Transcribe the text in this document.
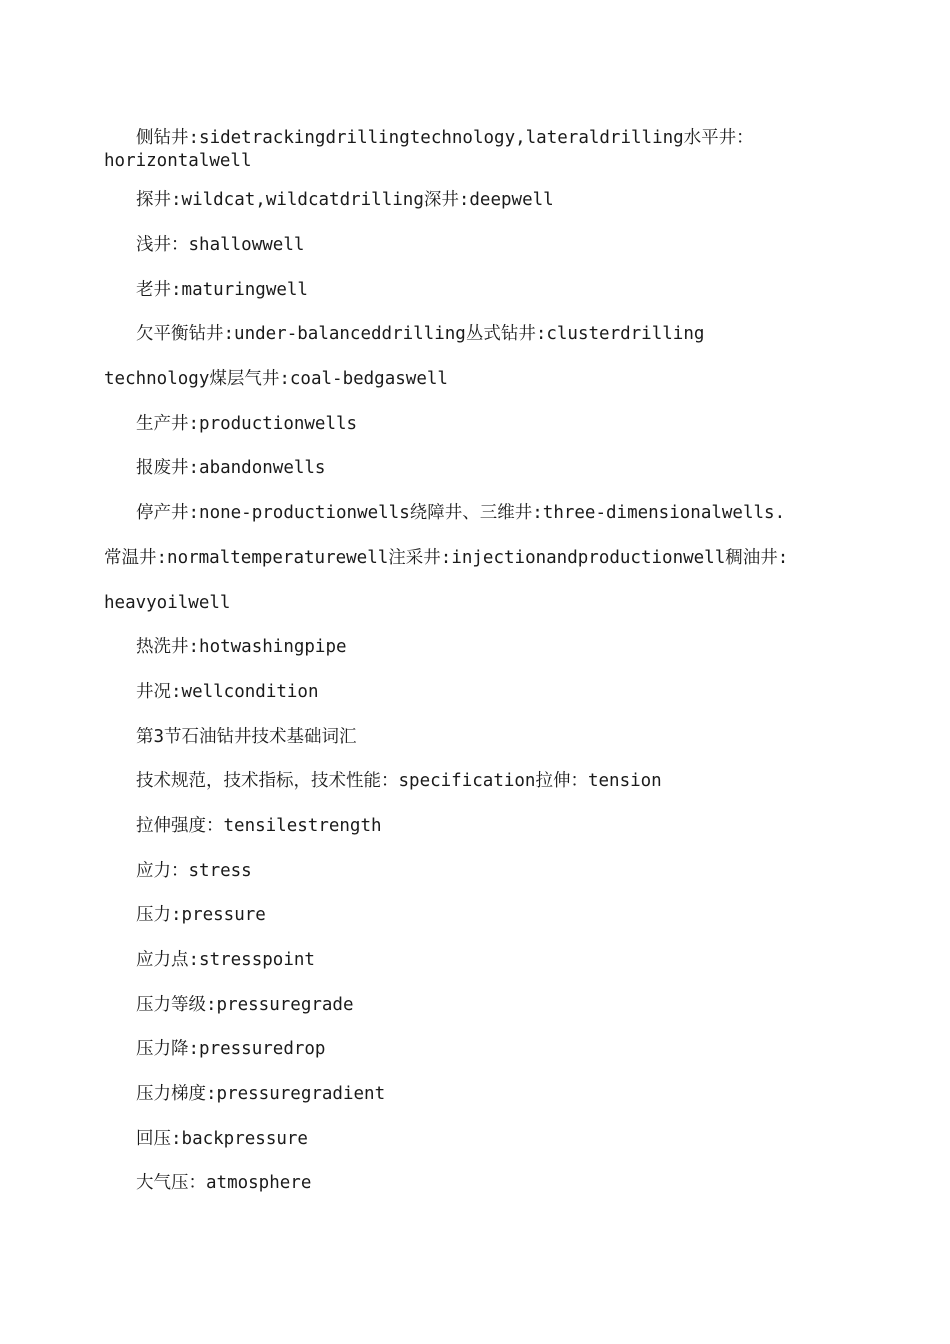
侧钻井:sidetrackingdrillingtechnology,lateraldrilling水平井：
horizontalwell
探井:wildcat,wildcatdrilling深井:deepwell
浅井：shallowwell
老井:maturingwell
欠平衡钻井:under-balanceddrilling丛式钻井:clusterdrilling
technology煤层气井:coal-bedgaswell
生产井:productionwells
报废井:abandonwells
停产井:none-productionwells绕障井、三维井:three-dimensionalwells.
常温井:normaltemperaturewell注采井:injectionandproductionwell稠油井:
heavyoilwell
热洗井:hotwashingpipe
井况:wellcondition
第3节石油钻井技术基础词汇
技术规范，技术指标，技术性能：specification拉伸：tension
拉伸强度：tensilestrength
应力：stress
压力:pressure
应力点:stresspoint
压力等级:pressuregrade
压力降:pressuredrop
压力梯度:pressuregradient
回压:backpressure
大气压：atmosphere
